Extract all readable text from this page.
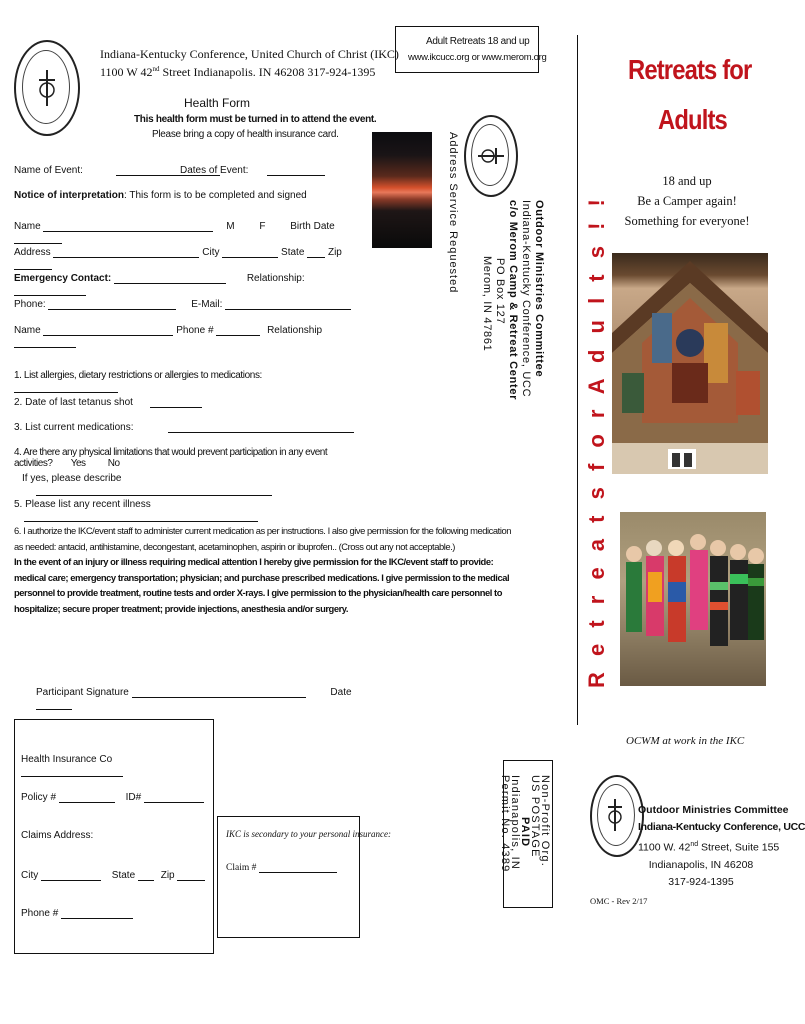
Indiana-Kentucky Conference, United Church of Christ (IKC)
1100 W 42nd Street Indianapolis. IN 46208 317-924-1395
Health Form
This health form must be turned in to attend the event.
Please bring a copy of health insurance card.
Name of Event:	Dates of Event:
Notice of interpretation: This form is to be completed and signed
Name	M F Birth Date
Address	City	State Zip
Emergency Contact:	Relationship:
Phone:	E-Mail:
Name	Phone #	Relationship
1. List allergies, dietary restrictions or allergies to medications:
2. Date of last tetanus shot
3. List current medications:
4. Are there any physical limitations that would prevent participation in any event activities? Yes No
If yes, please describe
5. Please list any recent illness
6. I authorize the IKC/event staff to administer current medication as per instructions. I also give permission for the following medication
as needed: antacid, antihistamine, decongestant, acetaminophen, aspirin or ibuprofen.. (Cross out any not acceptable.)
In the event of an injury or illness requiring medical attention I hereby give permission for the IKC/event staff to provide:
medical care; emergency transportation; physician; and purchase prescribed medications. I give permission to the medical
personnel to provide treatment, routine tests and order X-rays. I give permission to the physician/health care personnel to
hospitalize; secure proper treatment; provide injections, anesthesia and/or surgery.
Participant Signature	Date
Health Insurance Co
Policy #	ID#
Claims Address:
City	State	Zip
Phone #
IKC is secondary to your personal insurance:
Claim #
Adult Retreats 18 and up
www.ikcucc.org or www.merom.org
Address Service Requested	Outdoor Ministries Committee
Indiana-Kentucky Conference, UCC
c/o Merom Camp & Retreat Center
PO Box 127
Merom, IN 47861	R e t r e a t s f o r A d u l t s ! !
Non-Profit Org.
US POSTAGE
PAID
Indianapolis, IN
Permit No. 4389
Retreats for
Adults
18 and up
Be a Camper again!
Something for everyone!
OCWM at work in the IKC
Outdoor Ministries Committee
Indiana-Kentucky Conference, UCC
1100 W. 42nd Street, Suite 155
Indianapolis, IN 46208
317-924-1395
OMC - Rev 2/17
